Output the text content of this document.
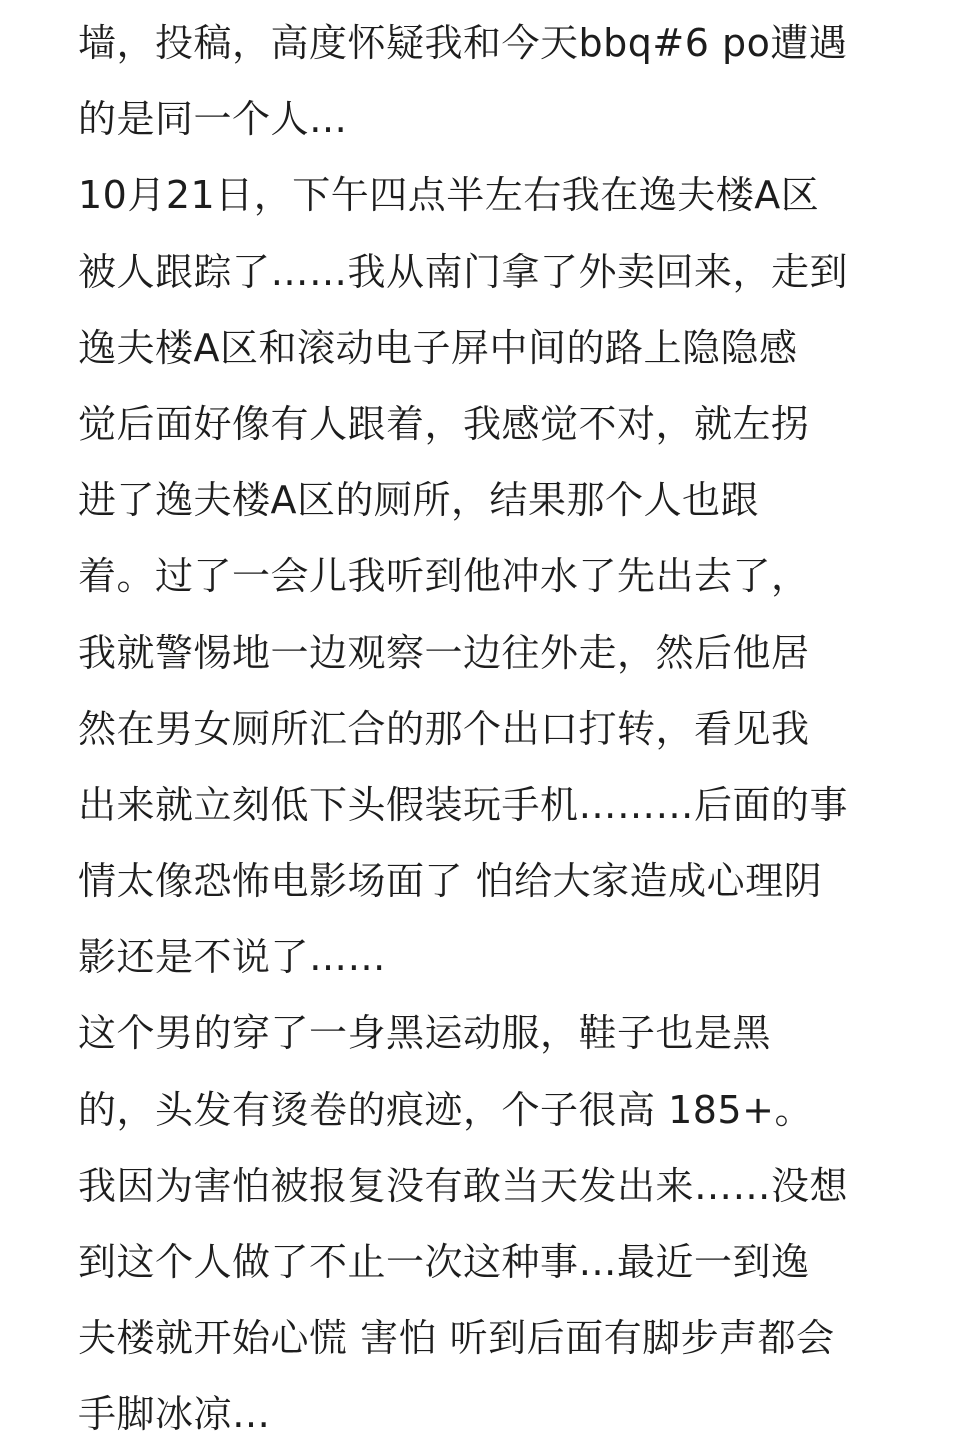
墙，投稿，高度怀疑我和今天bbq#6 po遭遇
的是同一个人…
10月21日，下午四点半左右我在逸夫楼A区
被人跟踪了……我从南门拿了外卖回来，走到
逸夫楼A区和滚动电子屏中间的路上隐隐感
觉后面好像有人跟着，我感觉不对，就左拐
进了逸夫楼A区的厕所，结果那个人也跟
着。过了一会儿我听到他冲水了先出去了，
我就警惕地一边观察一边往外走，然后他居
然在男女厕所汇合的那个出口打转，看见我
出来就立刻低下头假装玩手机………后面的事
情太像恐怖电影场面了 怕给大家造成心理阴
影还是不说了……
这个男的穿了一身黑运动服，鞋子也是黑
的，头发有烫卷的痕迹，个子很高 185+。
我因为害怕被报复没有敢当天发出来……没想
到这个人做了不止一次这种事…最近一到逸
夫楼就开始心慌 害怕 听到后面有脚步声都会
手脚冰凉…
